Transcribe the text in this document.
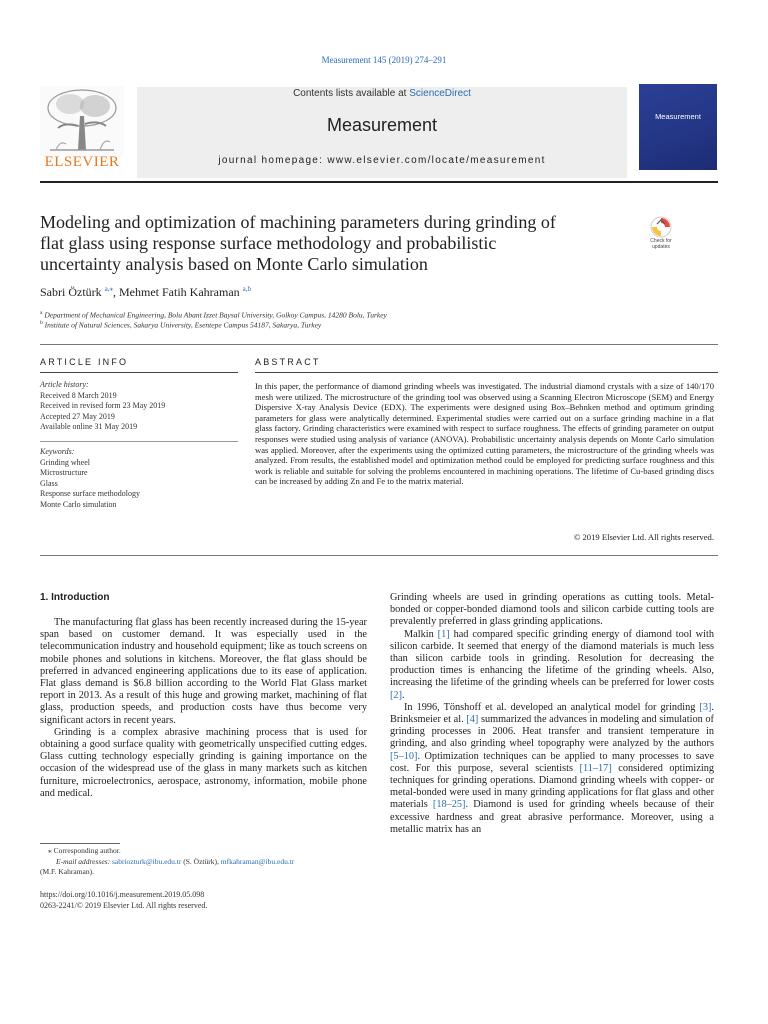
Measurement 145 (2019) 274–291
ELSEVIER
Contents lists available at ScienceDirect
Measurement
journal homepage: www.elsevier.com/locate/measurement
Measurement
Modeling and optimization of machining parameters during grinding of
flat glass using response surface methodology and probabilistic
uncertainty analysis based on Monte Carlo simulation
Check for updates
Sabri Öztürk $^{a,⁎}$, Mehmet Fatih Kahraman $^{a,b}$
$^a$ Department of Mechanical Engineering, Bolu Abant Izzet Baysal University, Golkoy Campus, 14280 Bolu, Turkey
$^b$ Institute of Natural Sciences, Sakarya University, Esentepe Campus 54187, Sakarya, Turkey
ARTICLE INFO	ABSTRACT
Article history:
Received 8 March 2019
Received in revised form 23 May 2019
Accepted 27 May 2019
Available online 31 May 2019
Keywords:
Grinding wheel
Microstructure
Glass
Response surface methodology
Monte Carlo simulation
In this paper, the performance of diamond grinding wheels was investigated. The industrial diamond crystals with a size of 140/170 mesh were utilized. The microstructure of the grinding tool was observed using a Scanning Electron Microscope (SEM) and Energy Dispersive X-ray Analysis Device (EDX). The experiments were designed using Box–Behnken method and optimum grinding parameters for glass were analytically determined. Experimental studies were carried out on a surface grinding machine in a flat glass factory. Grinding characteristics were examined with respect to surface roughness. The effects of grinding parameter on output responses were studied using analysis of variance (ANOVA). Probabilistic uncertainty analysis depends on Monte Carlo simulation was applied. Moreover, after the experiments using the optimized cutting parameters, the microstructure of the grinding wheels was analyzed. From results, the established model and optimization method could be employed for predicting surface roughness and this work is reliable and suitable for solving the problems encountered in machining operations. The lifetime of Cu-based grinding discs can be increased by adding Zn and Fe to the matrix material.
© 2019 Elsevier Ltd. All rights reserved.
1. Introduction

The manufacturing flat glass has been recently increased during the 15-year span based on customer demand. It was especially used in the telecommunication industry and household equipment; like as touch screens on mobile phones and solutions in kitchens. Moreover, the flat glass should be preferred in advanced engineering applications due to its ease of application. Flat glass demand is $6.8 billion according to the World Flat Glass market report in 2013. As a result of this huge and growing market, machining of flat glass, production speeds, and production costs have thus become very significant actors in recent years.

Grinding is a complex abrasive machining process that is used for obtaining a good surface quality with geometrically unspecified cutting edges. Glass cutting technology especially grinding is gaining importance on the occasion of the widespread use of the glass in many markets such as kitchen furniture, microelectronics, aerospace, astronomy, information, mobile phone and medical.

Grinding wheels are used in grinding operations as cutting tools. Metal-bonded or copper-bonded diamond tools and silicon carbide cutting tools are prevalently preferred in glass grinding applications.

Malkin [1] had compared specific grinding energy of diamond tool with silicon carbide. It seemed that energy of the diamond materials is much less than silicon carbide tools in grinding. Resolution for decreasing the production times is enhancing the lifetime of the grinding wheels. Also, increasing the lifetime of the grinding wheels can be preferred for lower costs [2].

In 1996, Tönshoff et al. developed an analytical model for grinding [3]. Brinksmeier et al. [4] summarized the advances in modeling and simulation of grinding processes in 2006. Heat transfer and transient temperature in grinding, and also grinding wheel topography were analyzed by the authors [5–10]. Optimization techniques can be applied to many processes to save cost. For this purpose, several scientists [11–17] considered optimizing techniques for grinding operations. Diamond grinding wheels with copper- or metal-bonded were used in many grinding applications for flat glass and other materials [18–25]. Diamond is used for grinding wheels because of their excessive hardness and great abrasive performance. Moreover, using a metallic matrix has an

⁎ Corresponding author.
E-mail addresses: sabriozturk@ibu.edu.tr (S. Öztürk), mfkahraman@ibu.edu.tr
(M.F. Kahraman).
https://doi.org/10.1016/j.measurement.2019.05.098
0263-2241/© 2019 Elsevier Ltd. All rights reserved.
